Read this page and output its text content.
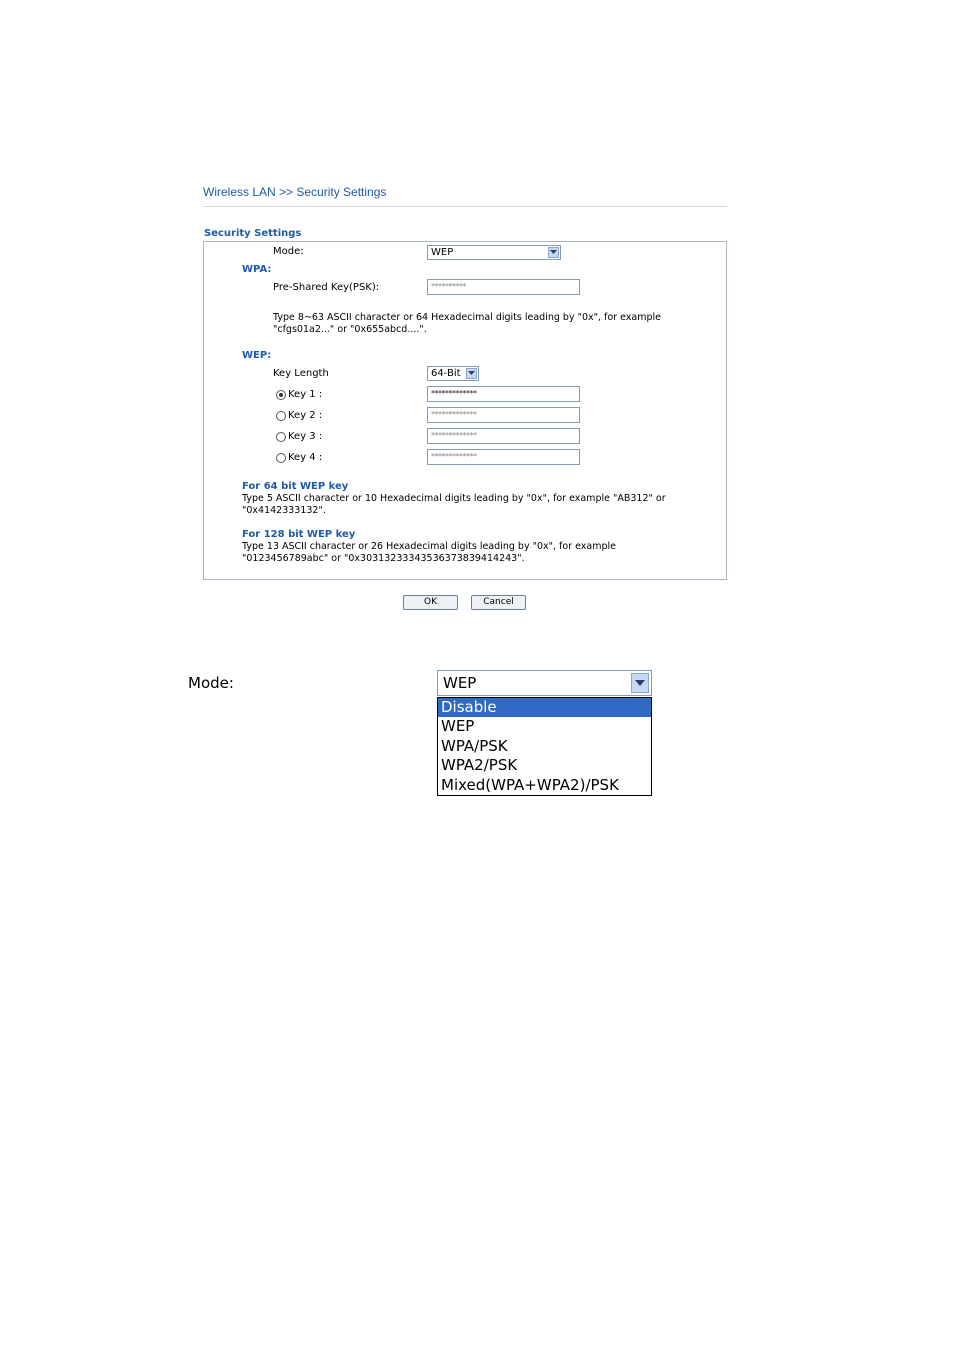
Wireless LAN >> Security Settings
Security Settings
Mode:	WEP
WPA:
Pre-Shared Key(PSK):	**********
Type 8~63 ASCII character or 64 Hexadecimal digits leading by "0x", for example
"cfgs01a2..." or "0x655abcd....".
WEP:
Key Length	64-Bit
Key 1 :	*************
Key 2 :	*************
Key 3 :	*************
Key 4 :	*************
For 64 bit WEP key
Type 5 ASCII character or 10 Hexadecimal digits leading by "0x", for example "AB312" or
"0x4142333132".
For 128 bit WEP key
Type 13 ASCII character or 26 Hexadecimal digits leading by "0x", for example
"0123456789abc" or "0x30313233343536373839414243".
OK	Cancel
Mode:	WEP
Disable
WEP
WPA/PSK
WPA2/PSK
Mixed(WPA+WPA2)/PSK
